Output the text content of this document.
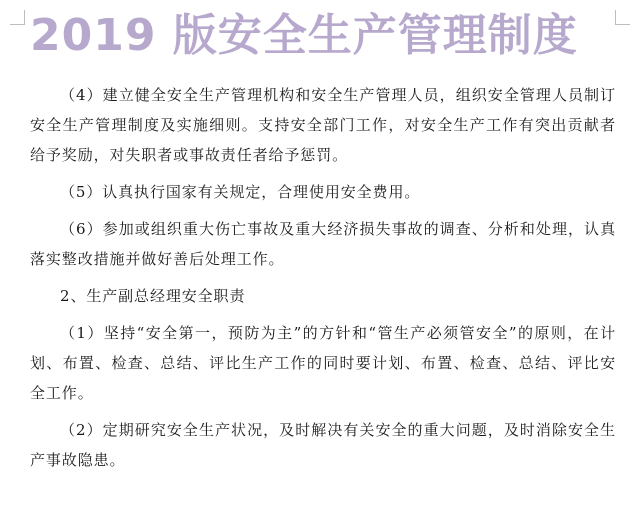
2019 版安全生产管理制度

（4）建立健全安全生产管理机构和安全生产管理人员，组织安全管理人员制订安全生产管理制度及实施细则。支持安全部门工作，对安全生产工作有突出贡献者给予奖励，对失职者或事故责任者给予惩罚。

（5）认真执行国家有关规定，合理使用安全费用。

（6）参加或组织重大伤亡事故及重大经济损失事故的调查、分析和处理，认真落实整改措施并做好善后处理工作。

2、生产副总经理安全职责

（1）坚持“安全第一，预防为主”的方针和“管生产必须管安全”的原则，在计划、布置、检查、总结、评比生产工作的同时要计划、布置、检查、总结、评比安全工作。

（2）定期研究安全生产状况，及时解决有关安全的重大问题，及时消除安全生产事故隐患。
